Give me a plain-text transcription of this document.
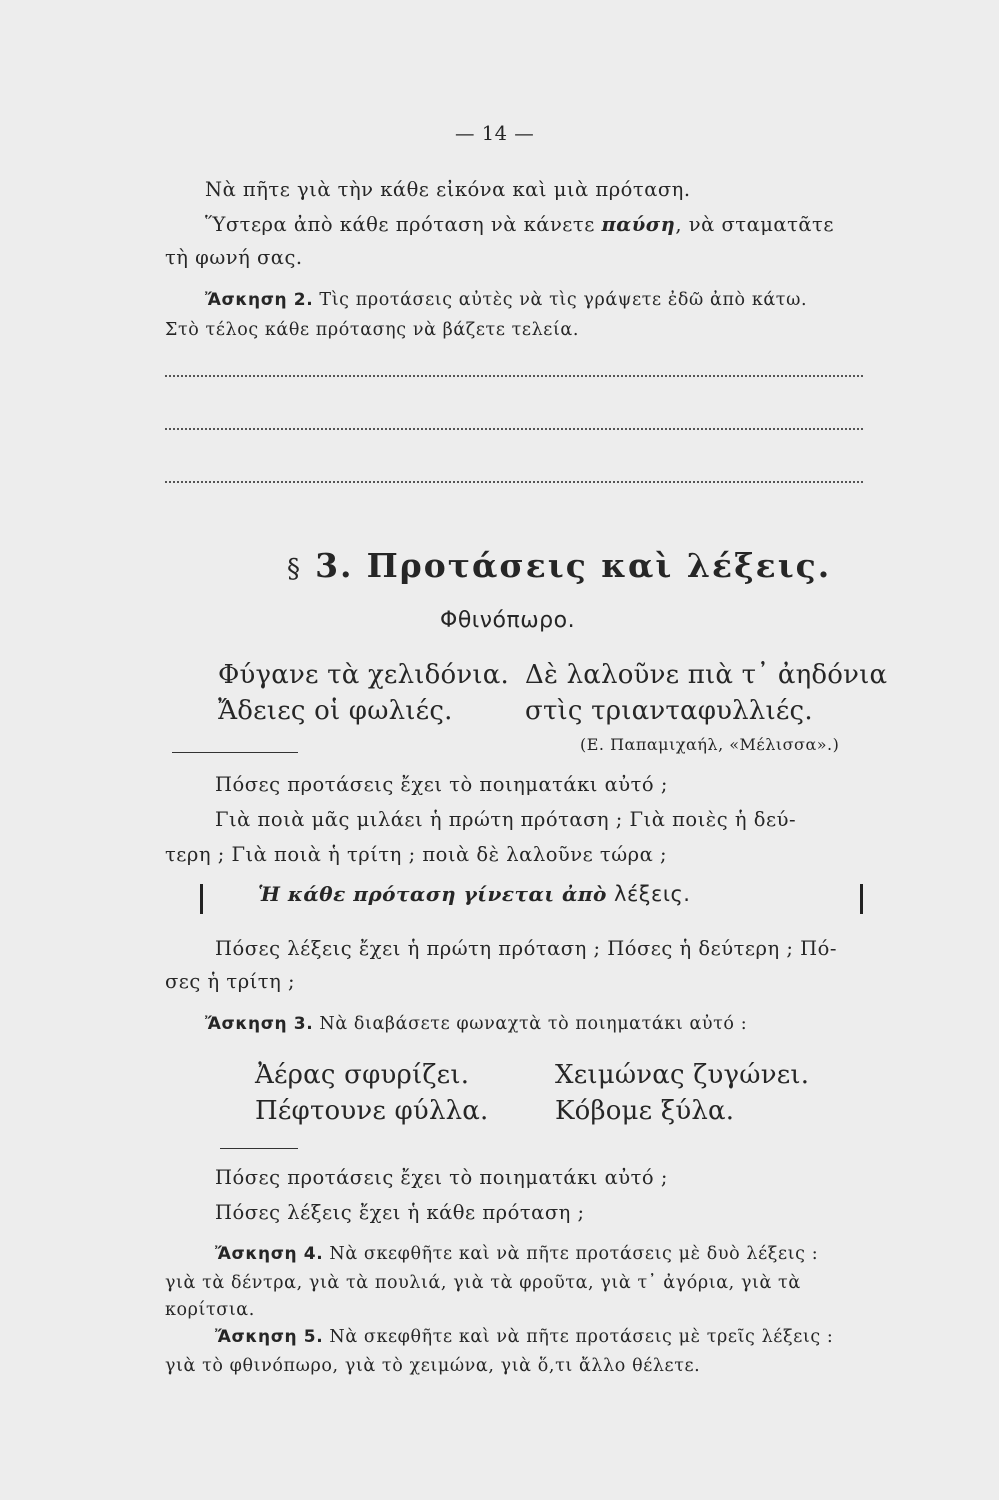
— 14 —
Νὰ πῆτε γιὰ τὴν κάθε εἰκόνα καὶ μιὰ πρόταση.
Ὕστερα ἀπὸ κάθε πρόταση νὰ κάνετε παύση, νὰ σταματᾶτε
τὴ φωνή σας.
Ἄσκηση 2. Τὶς προτάσεις αὐτὲς νὰ τὶς γράψετε ἐδῶ ἀπὸ κάτω.
Στὸ τέλος κάθε πρότασης νὰ βάζετε τελεία.
§ 3. Προτάσεις καὶ λέξεις.
Φθινόπωρο.
Φύγανε τὰ χελιδόνια.
Ἄδειες οἱ φωλιές.
Δὲ λαλοῦνε πιὰ τ᾿ ἀηδόνια
στὶς τριανταφυλλιές.
(Ε. Παπαμιχαήλ, «Μέλισσα».)
Πόσες προτάσεις ἔχει τὸ ποιηματάκι αὐτό ;
Γιὰ ποιὰ μᾶς μιλάει ἡ πρώτη πρόταση ; Γιὰ ποιὲς ἡ δεύ-
τερη ; Γιὰ ποιὰ ἡ τρίτη ; ποιὰ δὲ λαλοῦνε τώρα ;
Ἡ κάθε πρόταση γίνεται ἀπὸ λέξεις.
Πόσες λέξεις ἔχει ἡ πρώτη πρόταση ; Πόσες ἡ δεύτερη ; Πό-
σες ἡ τρίτη ;
Ἄσκηση 3. Νὰ διαβάσετε φωναχτὰ τὸ ποιηματάκι αὐτό :
Ἀέρας σφυρίζει.
Πέφτουνε φύλλα.
Χειμώνας ζυγώνει.
Κόβομε ξύλα.
Πόσες προτάσεις ἔχει τὸ ποιηματάκι αὐτό ;
Πόσες λέξεις ἔχει ἡ κάθε πρόταση ;
Ἄσκηση 4. Νὰ σκεφθῆτε καὶ νὰ πῆτε προτάσεις μὲ δυὸ λέξεις :
γιὰ τὰ δέντρα, γιὰ τὰ πουλιά, γιὰ τὰ φροῦτα, γιὰ τ᾿ ἀγόρια, γιὰ τὰ
κορίτσια.
Ἄσκηση 5. Νὰ σκεφθῆτε καὶ νὰ πῆτε προτάσεις μὲ τρεῖς λέξεις :
γιὰ τὸ φθινόπωρο, γιὰ τὸ χειμώνα, γιὰ ὅ,τι ἄλλο θέλετε.
